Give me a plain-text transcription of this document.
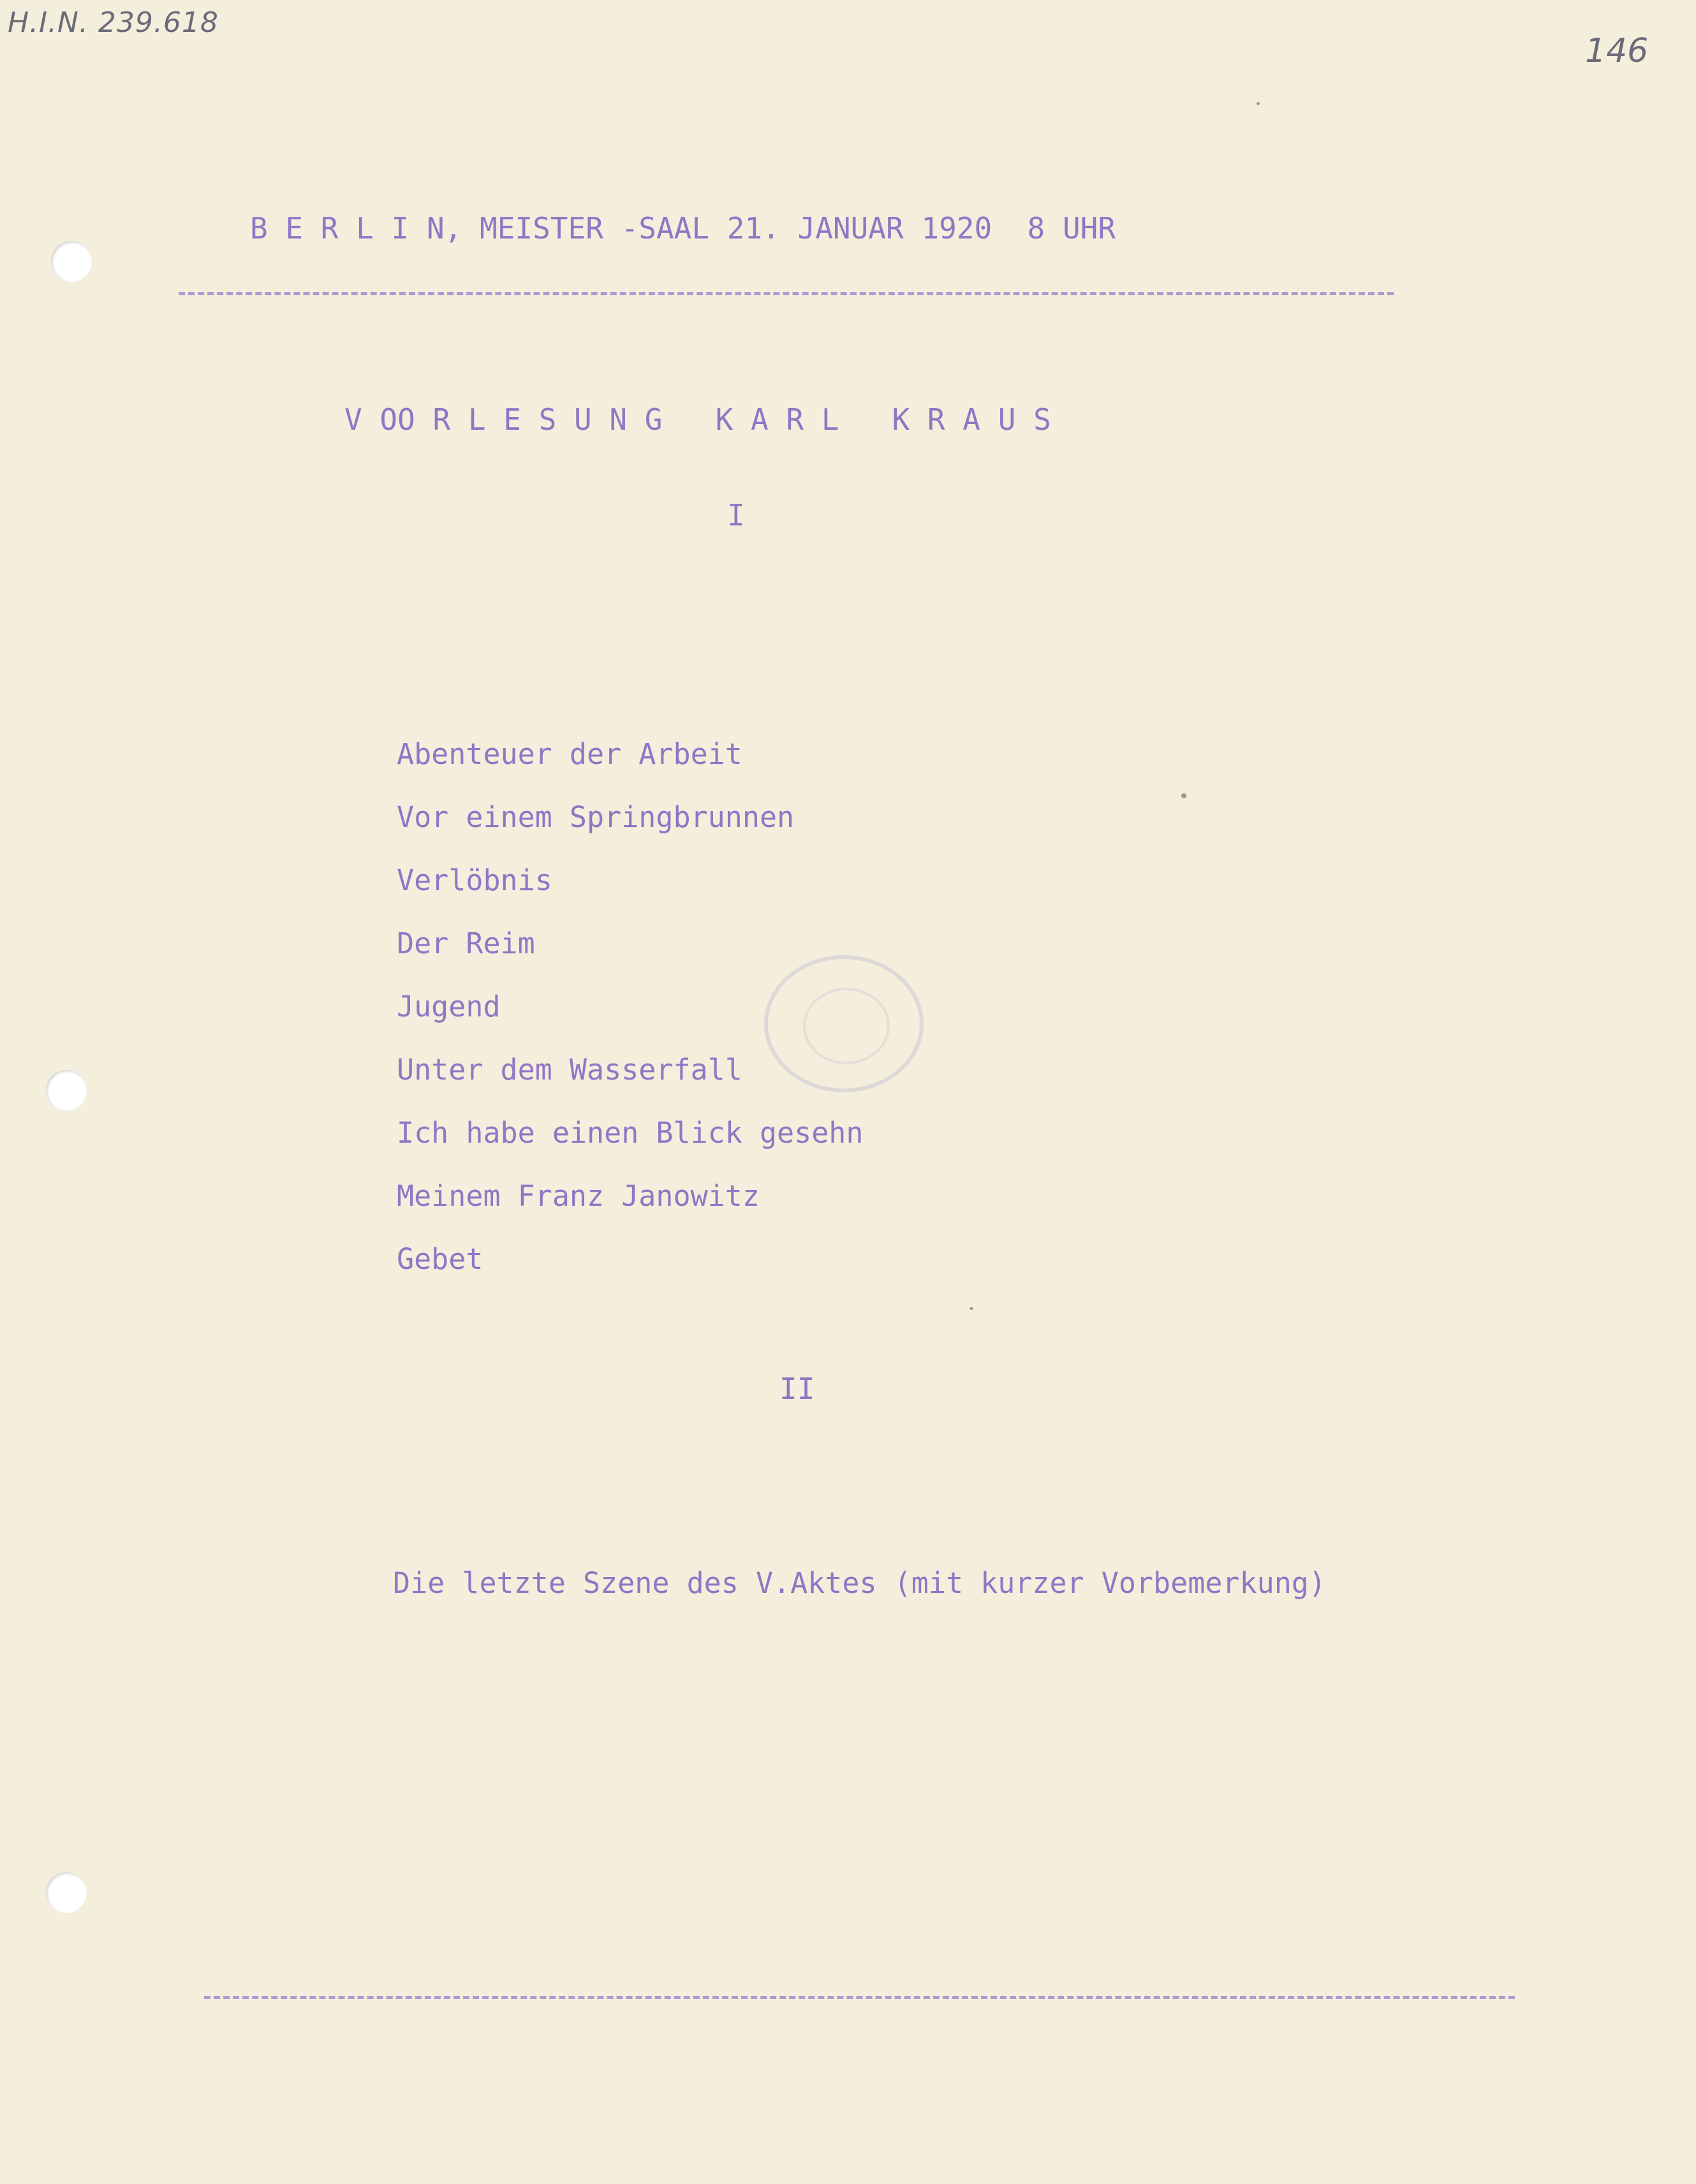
H.I.N. 239.618
146
B E R L I N, MEISTER -SAAL 21. JANUAR 1920  8 UHR
V OO R L E S U N G   K A R L   K R A U S
I
Abenteuer der Arbeit
Vor einem Springbrunnen
Verlöbnis
Der Reim
Jugend
Unter dem Wasserfall
Ich habe einen Blick gesehn
Meinem Franz Janowitz
Gebet
II
Die letzte Szene des V.Aktes (mit kurzer Vorbemerkung)
